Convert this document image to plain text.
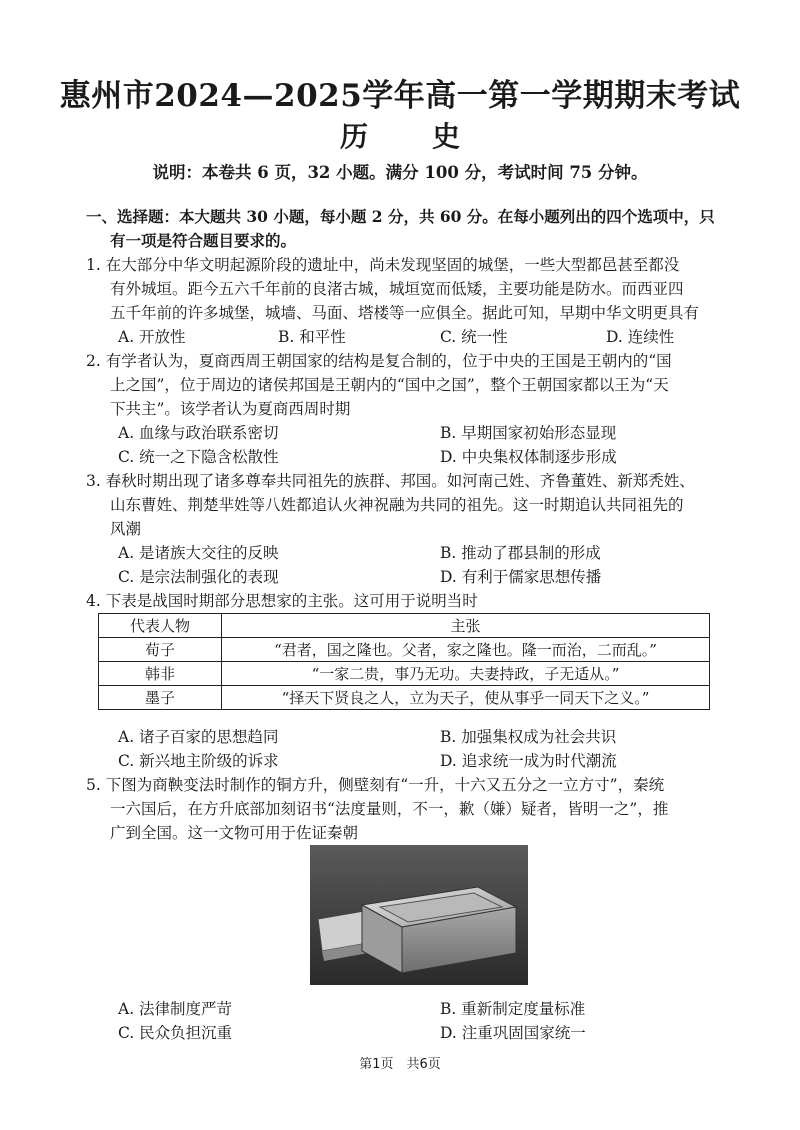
惠州市2024—2025学年高一第一学期期末考试
历　史
说明：本卷共 6 页，32 小题。满分 100 分，考试时间 75 分钟。
一、选择题：本大题共 30 小题，每小题 2 分，共 60 分。在每小题列出的四个选项中，只
有一项是符合题目要求的。
1. 在大部分中华文明起源阶段的遗址中，尚未发现坚固的城堡，一些大型都邑甚至都没
有外城垣。距今五六千年前的良渚古城，城垣宽而低矮，主要功能是防水。而西亚四
五千年前的许多城堡，城墙、马面、塔楼等一应俱全。据此可知，早期中华文明更具有
A. 开放性	B. 和平性	C. 统一性	D. 连续性
2. 有学者认为，夏商西周王朝国家的结构是复合制的，位于中央的王国是王朝内的“国
上之国”，位于周边的诸侯邦国是王朝内的“国中之国”，整个王朝国家都以王为“天
下共主”。该学者认为夏商西周时期
A. 血缘与政治联系密切	B. 早期国家初始形态显现
C. 统一之下隐含松散性	D. 中央集权体制逐步形成
3. 春秋时期出现了诸多尊奉共同祖先的族群、邦国。如河南己姓、齐鲁董姓、新郑秃姓、
山东曹姓、荆楚芈姓等八姓都追认火神祝融为共同的祖先。这一时期追认共同祖先的
风潮
A. 是诸族大交往的反映	B. 推动了郡县制的形成
C. 是宗法制强化的表现	D. 有利于儒家思想传播
4. 下表是战国时期部分思想家的主张。这可用于说明当时
代表人物	主张
荀子	“君者，国之隆也。父者，家之隆也。隆一而治，二而乱。”
韩非	“一家二贵，事乃无功。夫妻持政，子无适从。”
墨子	“择天下贤良之人，立为天子，使从事乎一同天下之义。”
A. 诸子百家的思想趋同	B. 加强集权成为社会共识
C. 新兴地主阶级的诉求	D. 追求统一成为时代潮流
5. 下图为商鞅变法时制作的铜方升，侧壁刻有“一升，十六又五分之一立方寸”，秦统
一六国后，在方升底部加刻诏书“法度量则，不一，歉（嫌）疑者，皆明一之”，推
广到全国。这一文物可用于佐证秦朝
A. 法律制度严苛	B. 重新制定度量标准
C. 民众负担沉重	D. 注重巩固国家统一
第1页　共6页
